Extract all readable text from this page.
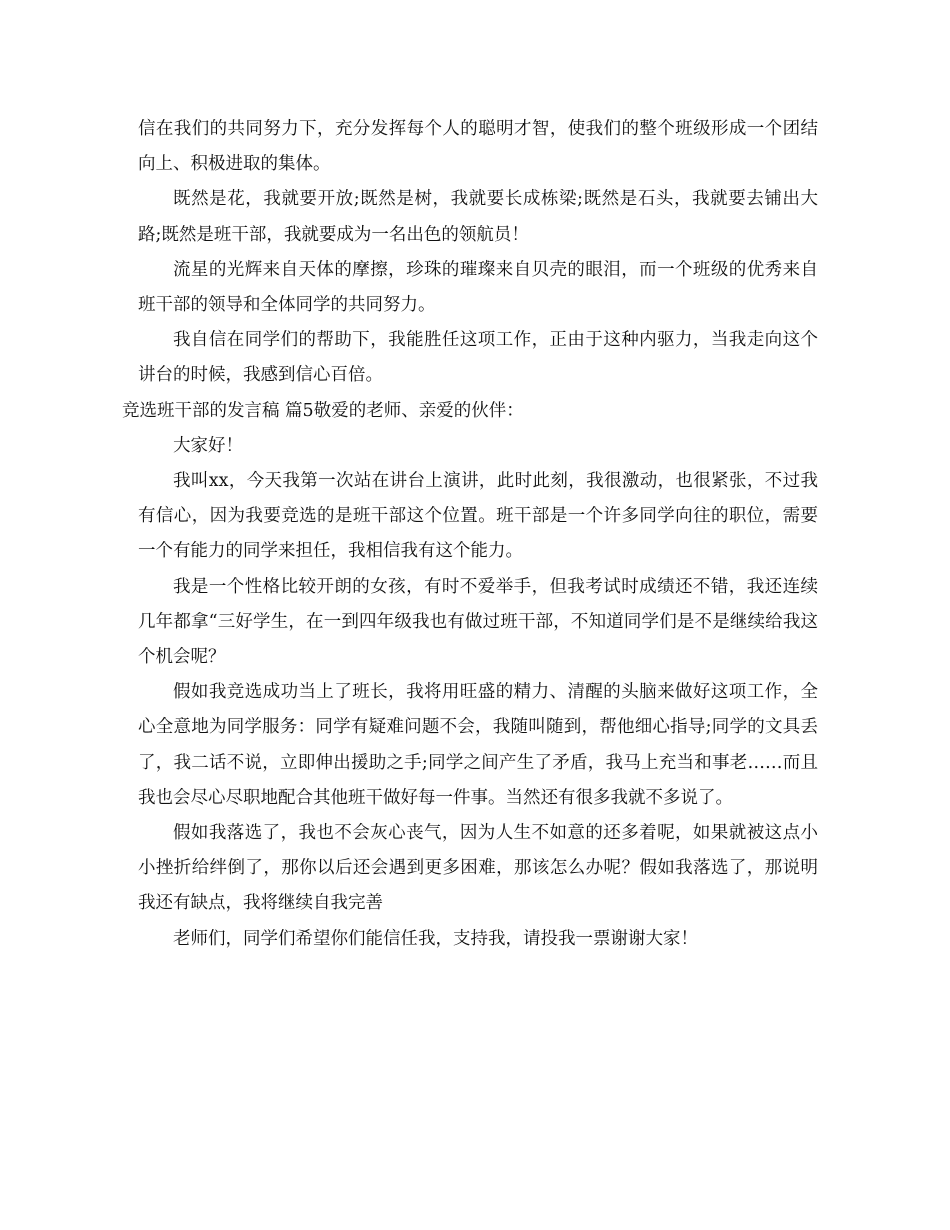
信在我们的共同努力下，充分发挥每个人的聪明才智，使我们的整个班级形成一个团结向上、积极进取的集体。

既然是花，我就要开放;既然是树，我就要长成栋梁;既然是石头，我就要去铺出大路;既然是班干部，我就要成为一名出色的领航员！

流星的光辉来自天体的摩擦，珍珠的璀璨来自贝壳的眼泪，而一个班级的优秀来自班干部的领导和全体同学的共同努力。

我自信在同学们的帮助下，我能胜任这项工作，正由于这种内驱力，当我走向这个讲台的时候，我感到信心百倍。

竞选班干部的发言稿 篇5敬爱的老师、亲爱的伙伴：

大家好！

我叫xx，今天我第一次站在讲台上演讲，此时此刻，我很激动，也很紧张，不过我有信心，因为我要竞选的是班干部这个位置。班干部是一个许多同学向往的职位，需要一个有能力的同学来担任，我相信我有这个能力。

我是一个性格比较开朗的女孩，有时不爱举手，但我考试时成绩还不错，我还连续几年都拿“三好学生，在一到四年级我也有做过班干部，不知道同学们是不是继续给我这个机会呢？

假如我竞选成功当上了班长，我将用旺盛的精力、清醒的头脑来做好这项工作，全心全意地为同学服务：同学有疑难问题不会，我随叫随到，帮他细心指导;同学的文具丢了，我二话不说，立即伸出援助之手;同学之间产生了矛盾，我马上充当和事老……而且我也会尽心尽职地配合其他班干做好每一件事。当然还有很多我就不多说了。

假如我落选了，我也不会灰心丧气，因为人生不如意的还多着呢，如果就被这点小小挫折给绊倒了，那你以后还会遇到更多困难，那该怎么办呢？假如我落选了，那说明我还有缺点，我将继续自我完善

老师们，同学们希望你们能信任我，支持我，请投我一票谢谢大家！
